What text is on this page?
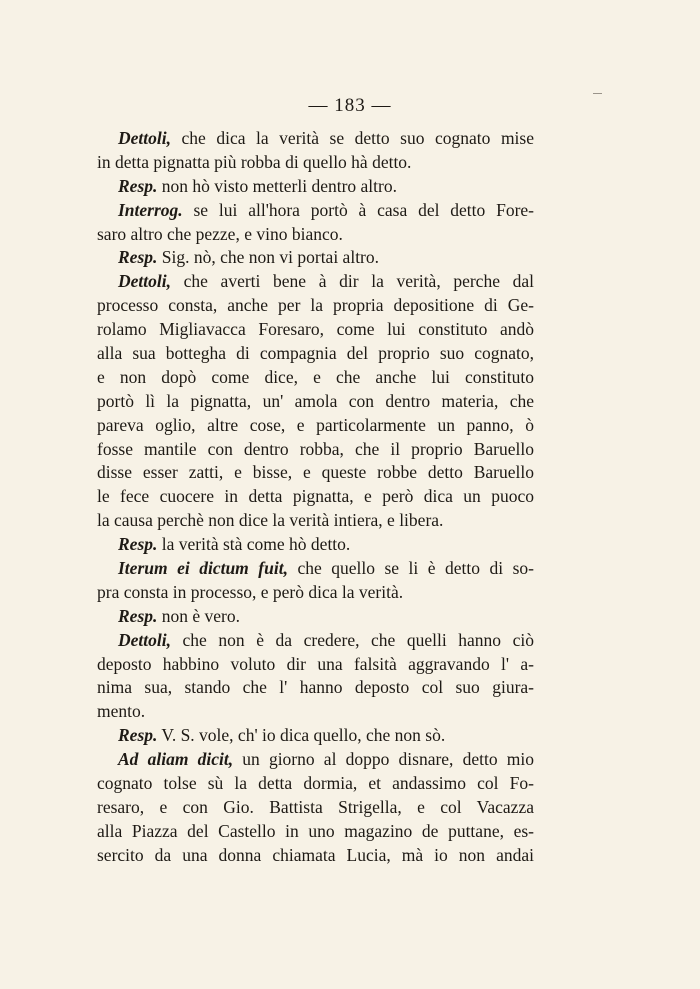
— 183 —
Dettoli, che dica la verità se detto suo cognato mise
in detta pignatta più robba di quello hà detto.
Resp. non hò visto metterli dentro altro.
Interrog. se lui all'hora portò à casa del detto Fore-
saro altro che pezze, e vino bianco.
Resp. Sig. nò, che non vi portai altro.
Dettoli, che averti bene à dir la verità, perche dal
processo consta, anche per la propria depositione di Ge-
rolamo Migliavacca Foresaro, come lui constituto andò
alla sua bottegha di compagnia del proprio suo cognato,
e non dopò come dice, e che anche lui constituto
portò lì la pignatta, un' amola con dentro materia, che
pareva oglio, altre cose, e particolarmente un panno, ò
fosse mantile con dentro robba, che il proprio Baruello
disse esser zatti, e bisse, e queste robbe detto Baruello
le fece cuocere in detta pignatta, e però dica un puoco
la causa perchè non dice la verità intiera, e libera.
Resp. la verità stà come hò detto.
Iterum ei dictum fuit, che quello se li è detto di so-
pra consta in processo, e però dica la verità.
Resp. non è vero.
Dettoli, che non è da credere, che quelli hanno ciò
deposto habbino voluto dir una falsità aggravando l' a-
nima sua, stando che l' hanno deposto col suo giura-
mento.
Resp. V. S. vole, ch' io dica quello, che non sò.
Ad aliam dicit, un giorno al doppo disnare, detto mio
cognato tolse sù la detta dormia, et andassimo col Fo-
resaro, e con Gio. Battista Strigella, e col Vacazza
alla Piazza del Castello in uno magazino de puttane, es-
sercito da una donna chiamata Lucia, mà io non andai
